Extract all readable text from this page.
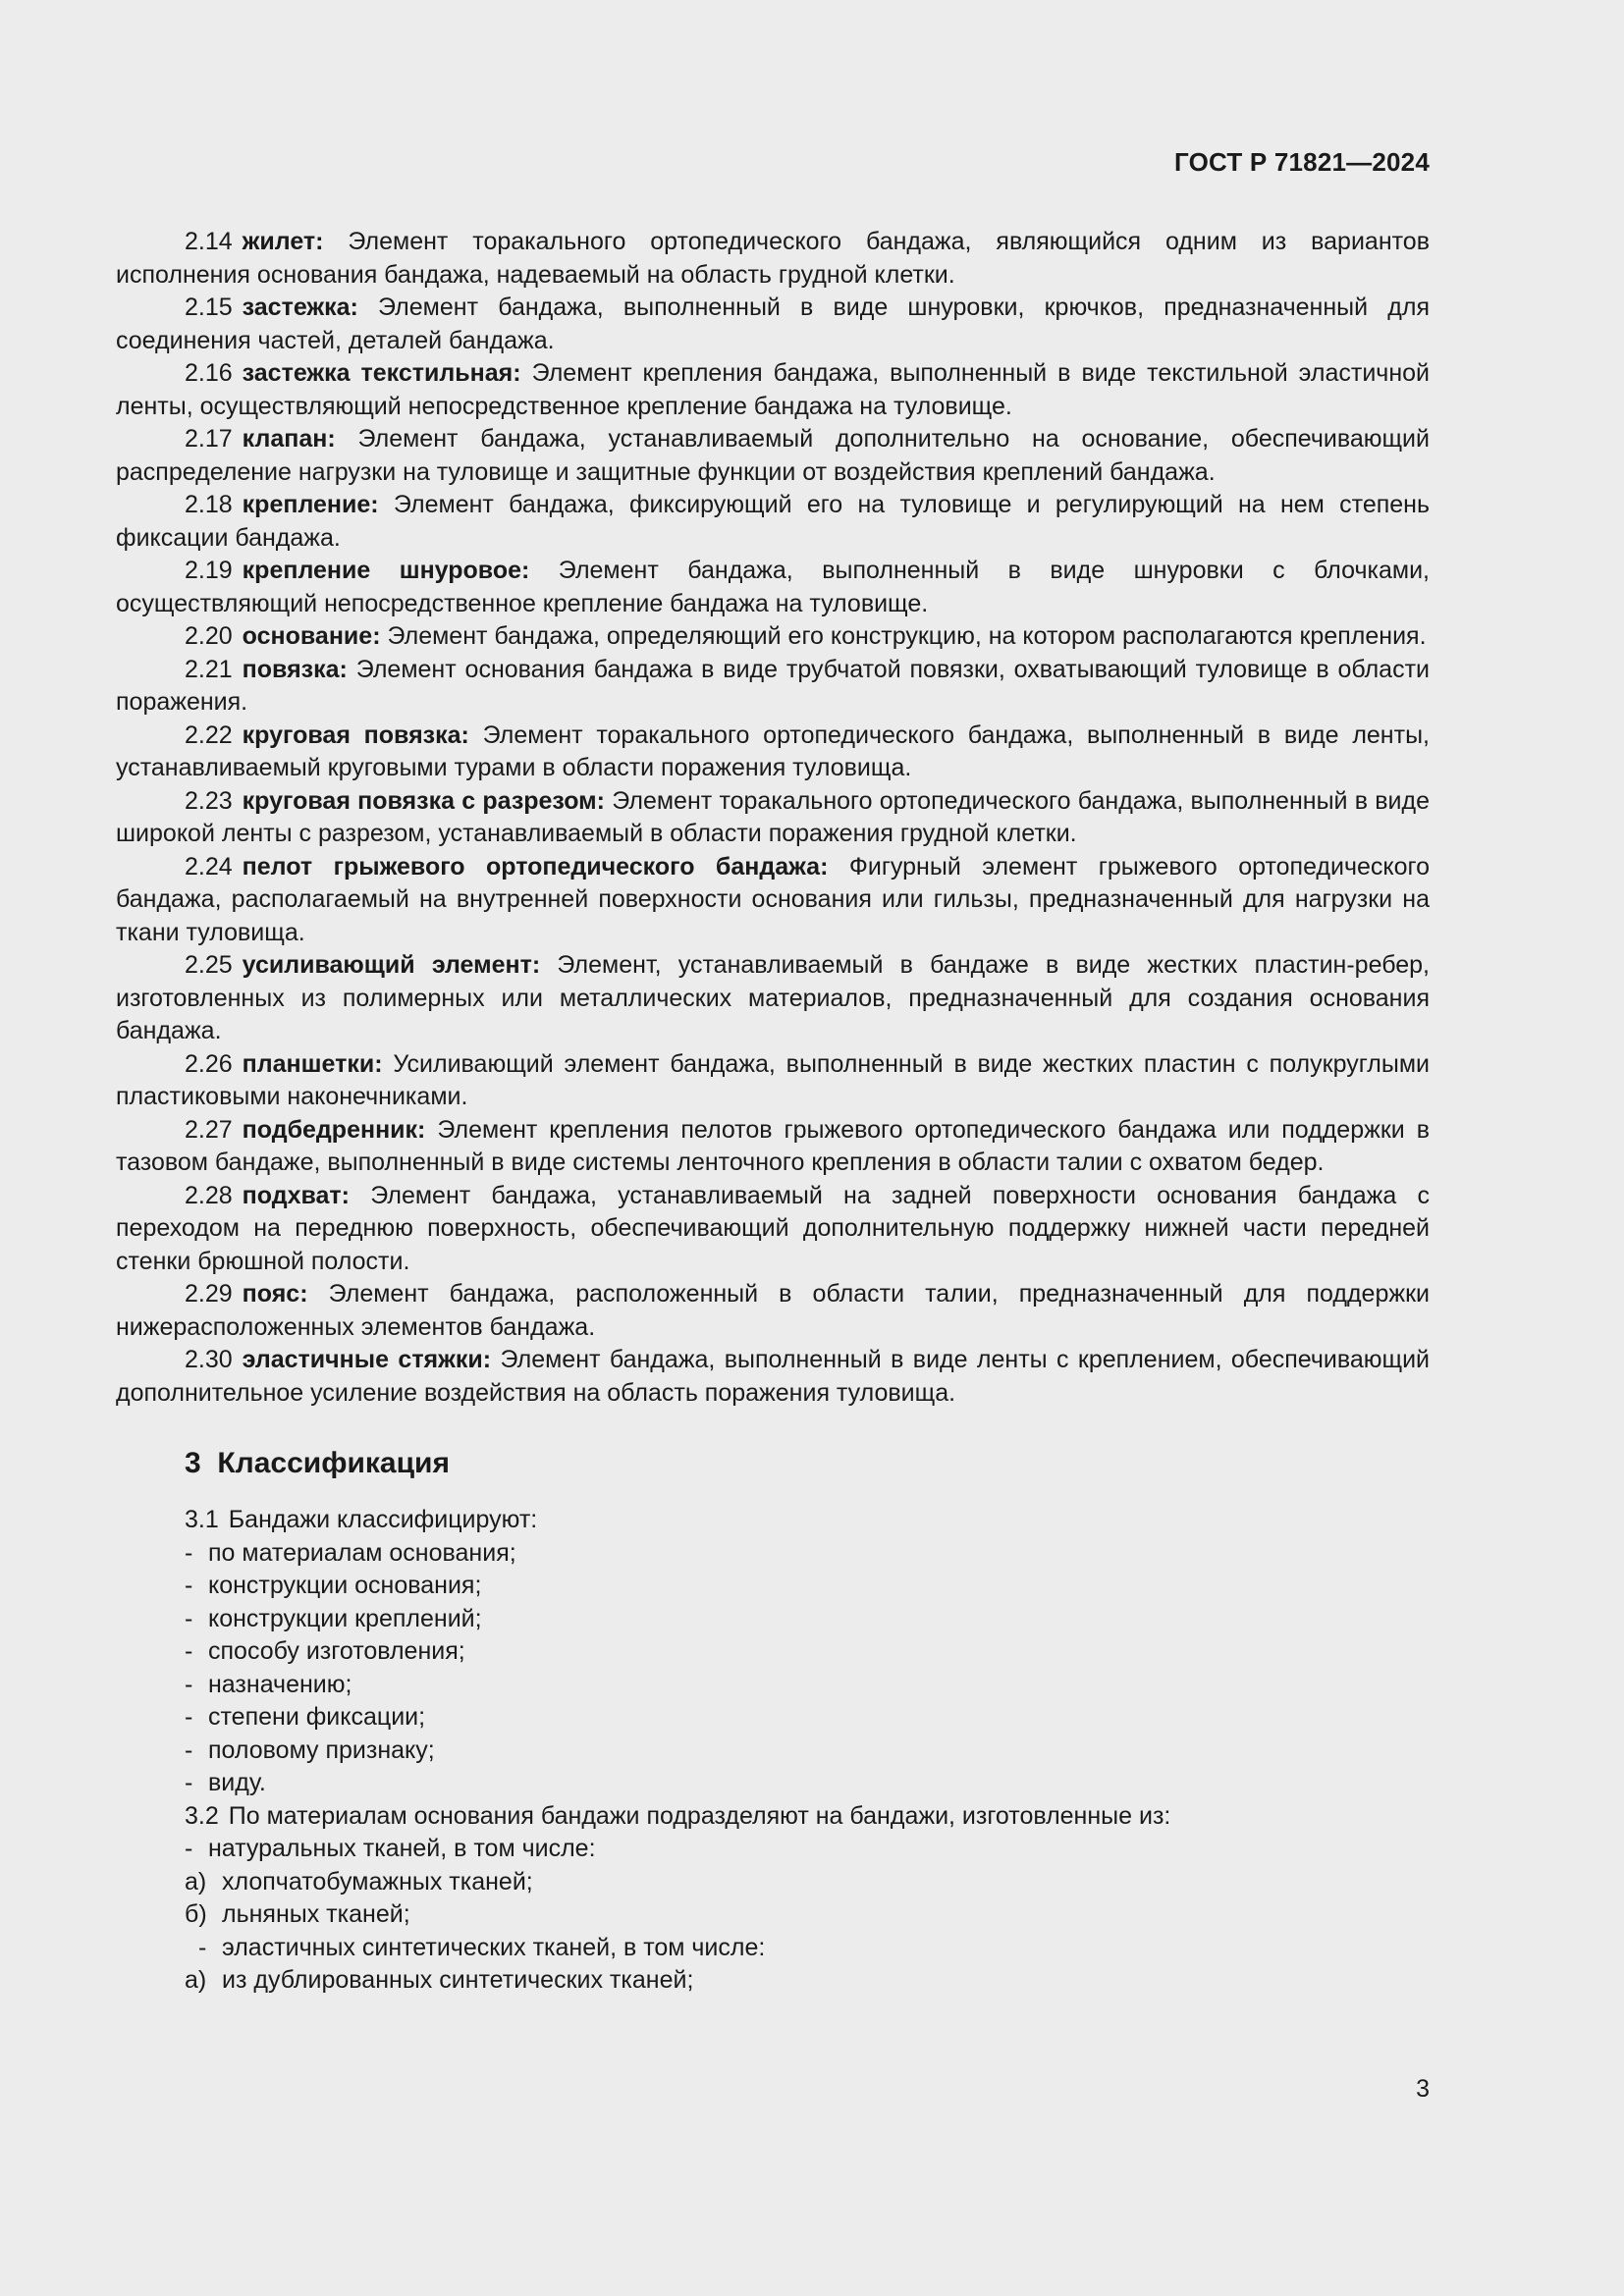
ГОСТ Р 71821—2024

2.14 жилет: Элемент торакального ортопедического бандажа, являющийся одним из вариантов исполнения основания бандажа, надеваемый на область грудной клетки.

2.15 застежка: Элемент бандажа, выполненный в виде шнуровки, крючков, предназначенный для соединения частей, деталей бандажа.

2.16 застежка текстильная: Элемент крепления бандажа, выполненный в виде текстильной эластичной ленты, осуществляющий непосредственное крепление бандажа на туловище.

2.17 клапан: Элемент бандажа, устанавливаемый дополнительно на основание, обеспечивающий распределение нагрузки на туловище и защитные функции от воздействия креплений бандажа.

2.18 крепление: Элемент бандажа, фиксирующий его на туловище и регулирующий на нем степень фиксации бандажа.

2.19 крепление шнуровое: Элемент бандажа, выполненный в виде шнуровки с блочками, осуществляющий непосредственное крепление бандажа на туловище.

2.20 основание: Элемент бандажа, определяющий его конструкцию, на котором располагаются крепления.

2.21 повязка: Элемент основания бандажа в виде трубчатой повязки, охватывающий туловище в области поражения.

2.22 круговая повязка: Элемент торакального ортопедического бандажа, выполненный в виде ленты, устанавливаемый круговыми турами в области поражения туловища.

2.23 круговая повязка с разрезом: Элемент торакального ортопедического бандажа, выполненный в виде широкой ленты с разрезом, устанавливаемый в области поражения грудной клетки.

2.24 пелот грыжевого ортопедического бандажа: Фигурный элемент грыжевого ортопедического бандажа, располагаемый на внутренней поверхности основания или гильзы, предназначенный для нагрузки на ткани туловища.

2.25 усиливающий элемент: Элемент, устанавливаемый в бандаже в виде жестких пластин-ребер, изготовленных из полимерных или металлических материалов, предназначенный для создания основания бандажа.

2.26 планшетки: Усиливающий элемент бандажа, выполненный в виде жестких пластин с полукруглыми пластиковыми наконечниками.

2.27 подбедренник: Элемент крепления пелотов грыжевого ортопедического бандажа или поддержки в тазовом бандаже, выполненный в виде системы ленточного крепления в области талии с охватом бедер.

2.28 подхват: Элемент бандажа, устанавливаемый на задней поверхности основания бандажа с переходом на переднюю поверхность, обеспечивающий дополнительную поддержку нижней части передней стенки брюшной полости.

2.29 пояс: Элемент бандажа, расположенный в области талии, предназначенный для поддержки нижерасположенных элементов бандажа.

2.30 эластичные стяжки: Элемент бандажа, выполненный в виде ленты с креплением, обеспечивающий дополнительное усиление воздействия на область поражения туловища.

3 Классификация

3.1 Бандажи классифицируют:

- по материалам основания;
- конструкции основания;
- конструкции креплений;
- способу изготовления;
- назначению;
- степени фиксации;
- половому признаку;
- виду.

3.2 По материалам основания бандажи подразделяют на бандажи, изготовленные из:

- натуральных тканей, в том числе:
а) хлопчатобумажных тканей;
б) льняных тканей;

- эластичных синтетических тканей, в том числе:

а) из дублированных синтетических тканей;
3
